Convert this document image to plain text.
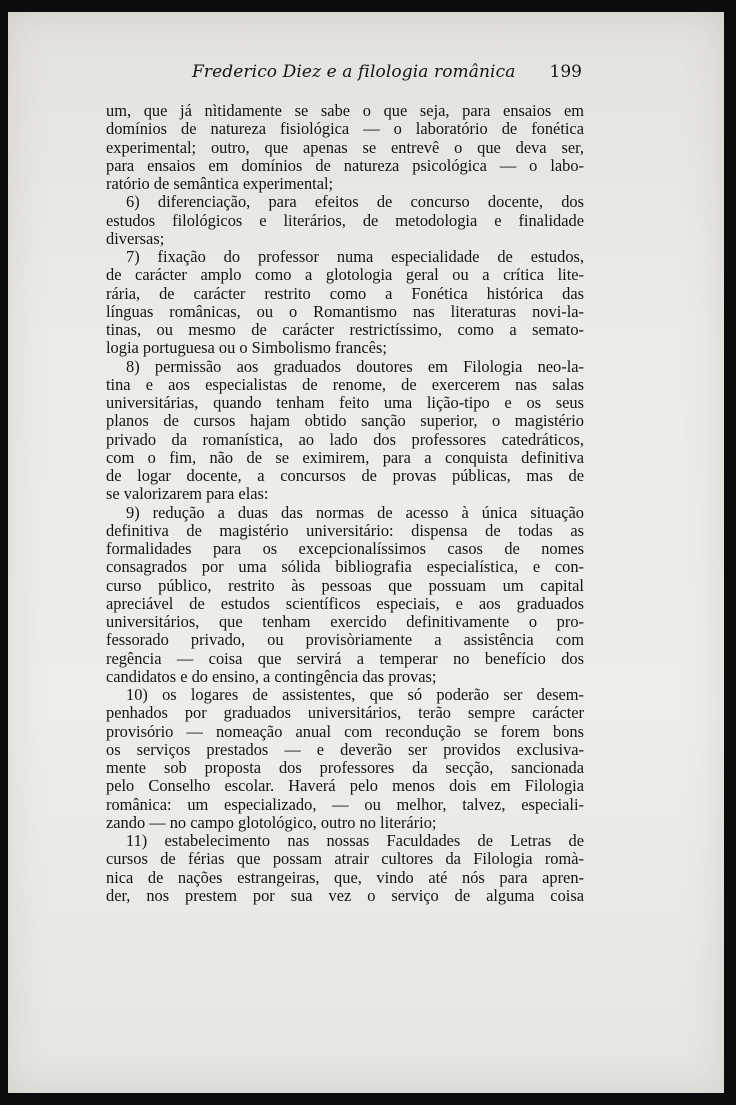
Frederico Diez e a filologia românica 199
um, que já nìtidamente se sabe o que seja, para ensaios em
domínios de natureza fisiológica — o laboratório de fonética
experimental; outro, que apenas se entrevê o que deva ser,
para ensaios em domínios de natureza psicológica — o labo-
ratório de semântica experimental;
6) diferenciação, para efeitos de concurso docente, dos
estudos filológicos e literários, de metodologia e finalidade
diversas;
7) fixação do professor numa especialidade de estudos,
de carácter amplo como a glotologia geral ou a crítica lite-
rária, de carácter restrito como a Fonética histórica das
línguas românicas, ou o Romantismo nas literaturas novi-la-
tinas, ou mesmo de carácter restrictíssimo, como a semato-
logia portuguesa ou o Simbolismo francês;
8) permissão aos graduados doutores em Filologia neo-la-
tina e aos especialistas de renome, de exercerem nas salas
universitárias, quando tenham feito uma lição-tipo e os seus
planos de cursos hajam obtido sanção superior, o magistério
privado da romanística, ao lado dos professores catedráticos,
com o fim, não de se eximirem, para a conquista definitiva
de logar docente, a concursos de provas públicas, mas de
se valorizarem para elas:
9) redução a duas das normas de acesso à única situação
definitiva de magistério universitário: dispensa de todas as
formalidades para os excepcionalíssimos casos de nomes
consagrados por uma sólida bibliografia especialística, e con-
curso público, restrito às pessoas que possuam um capital
apreciável de estudos scientíficos especiais, e aos graduados
universitários, que tenham exercido definitivamente o pro-
fessorado privado, ou provisòriamente a assistência com
regência — coisa que servirá a temperar no benefício dos
candidatos e do ensino, a contingência das provas;
10) os logares de assistentes, que só poderão ser desem-
penhados por graduados universitários, terão sempre carácter
provisório — nomeação anual com recondução se forem bons
os serviços prestados — e deverão ser providos exclusiva-
mente sob proposta dos professores da secção, sancionada
pelo Conselho escolar. Haverá pelo menos dois em Filologia
românica: um especializado, — ou melhor, talvez, especiali-
zando — no campo glotológico, outro no literário;
11) estabelecimento nas nossas Faculdades de Letras de
cursos de férias que possam atrair cultores da Filologia romà-
nica de nações estrangeiras, que, vindo até nós para apren-
der, nos prestem por sua vez o serviço de alguma coisa
